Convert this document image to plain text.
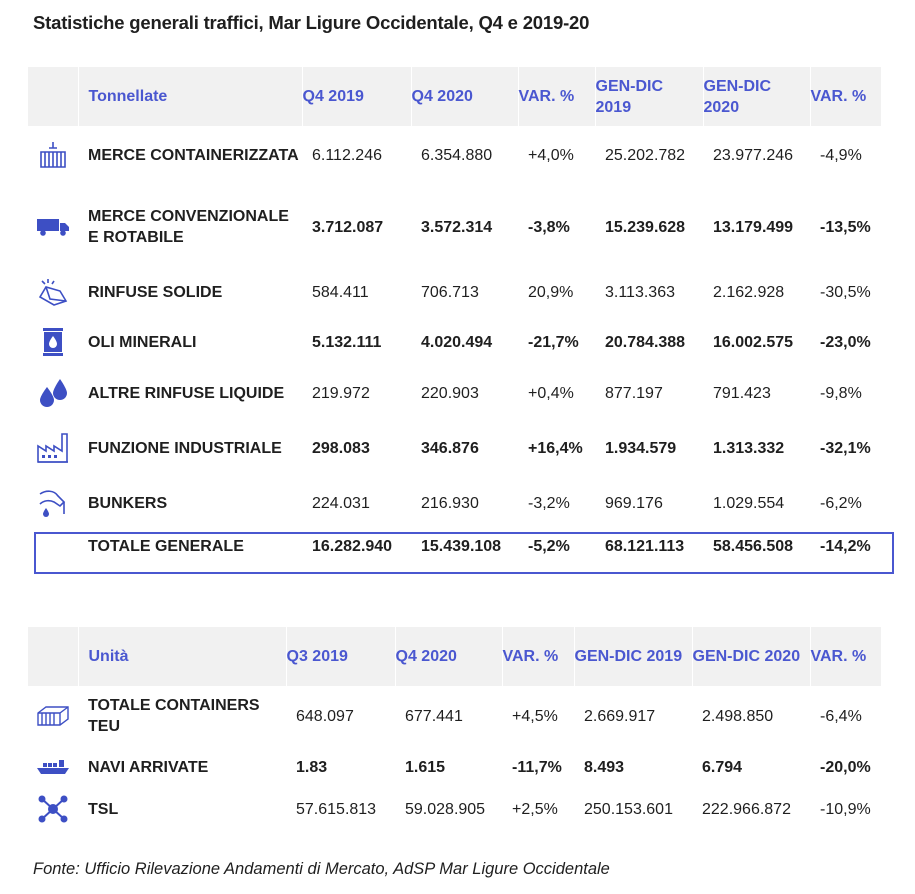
Statistiche generali traffici, Mar Ligure Occidentale, Q4 e 2019-20
	Tonnellate	Q4 2019	Q4 2020	VAR. %	GEN-DIC 2019	GEN-DIC 2020	VAR. %

	MERCE CONTAINERIZZATA	6.112.246	6.354.880	+4,0%	25.202.782	23.977.246	-4,9%

	MERCE CONVENZIONALE E ROTABILE	3.712.087	3.572.314	-3,8%	15.239.628	13.179.499	-13,5%

	RINFUSE SOLIDE	584.411	706.713	20,9%	3.113.363	2.162.928	-30,5%

	OLI MINERALI	5.132.111	4.020.494	-21,7%	20.784.388	16.002.575	-23,0%

	ALTRE RINFUSE LIQUIDE	219.972	220.903	+0,4%	877.197	791.423	-9,8%

	FUNZIONE INDUSTRIALE	298.083	346.876	+16,4%	1.934.579	1.313.332	-32,1%

	BUNKERS	224.031	216.930	-3,2%	969.176	1.029.554	-6,2%
	TOTALE GENERALE	16.282.940	15.439.108	-5,2%	68.121.113	58.456.508	-14,2%
	Unità	Q3 2019	Q4 2020	VAR. %	GEN-DIC 2019	GEN-DIC 2020	VAR. %

	TOTALE CONTAINERS TEU	648.097	677.441	+4,5%	2.669.917	2.498.850	-6,4%

	NAVI ARRIVATE	1.83	1.615	-11,7%	8.493	6.794	-20,0%

	TSL	57.615.813	59.028.905	+2,5%	250.153.601	222.966.872	-10,9%
Fonte: Ufficio Rilevazione Andamenti di Mercato, AdSP Mar Ligure Occidentale
